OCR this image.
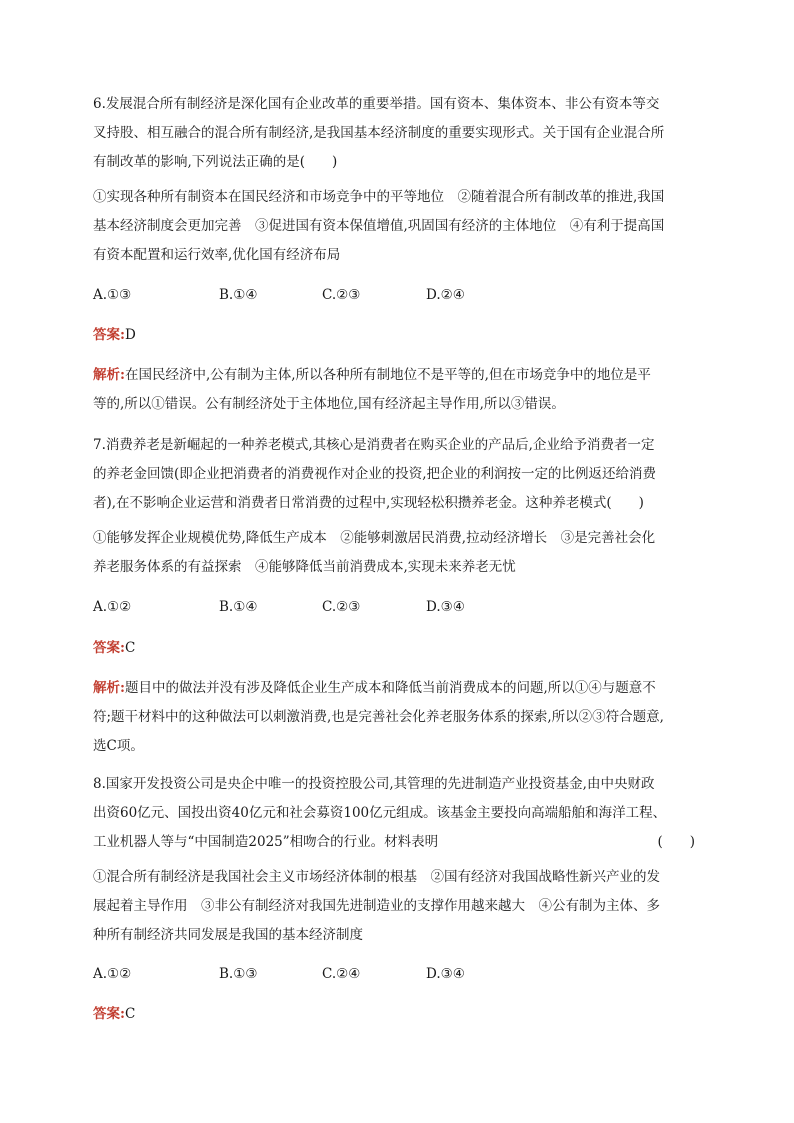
6.发展混合所有制经济是深化国有企业改革的重要举措。国有资本、集体资本、非公有资本等交
叉持股、相互融合的混合所有制经济,是我国基本经济制度的重要实现形式。关于国有企业混合所
有制改革的影响,下列说法正确的是(　　)
①实现各种所有制资本在国民经济和市场竞争中的平等地位　②随着混合所有制改革的推进,我国
基本经济制度会更加完善　③促进国有资本保值增值,巩固国有经济的主体地位　④有利于提高国
有资本配置和运行效率,优化国有经济布局
A.①③	B.①④	C.②③	D.②④
答案:D
解析:在国民经济中,公有制为主体,所以各种所有制地位不是平等的,但在市场竞争中的地位是平
等的,所以①错误。公有制经济处于主体地位,国有经济起主导作用,所以③错误。
7.消费养老是新崛起的一种养老模式,其核心是消费者在购买企业的产品后,企业给予消费者一定
的养老金回馈(即企业把消费者的消费视作对企业的投资,把企业的利润按一定的比例返还给消费
者),在不影响企业运营和消费者日常消费的过程中,实现轻松积攒养老金。这种养老模式(　　)
①能够发挥企业规模优势,降低生产成本　②能够刺激居民消费,拉动经济增长　③是完善社会化
养老服务体系的有益探索　④能够降低当前消费成本,实现未来养老无忧
A.①②	B.①④	C.②③	D.③④
答案:C
解析:题目中的做法并没有涉及降低企业生产成本和降低当前消费成本的问题,所以①④与题意不
符;题干材料中的这种做法可以刺激消费,也是完善社会化养老服务体系的探索,所以②③符合题意,
选C项。
8.国家开发投资公司是央企中唯一的投资控股公司,其管理的先进制造产业投资基金,由中央财政
出资60亿元、国投出资40亿元和社会募资100亿元组成。该基金主要投向高端船舶和海洋工程、
工业机器人等与“中国制造2025”相吻合的行业。材料表明	(　　)
①混合所有制经济是我国社会主义市场经济体制的根基　②国有经济对我国战略性新兴产业的发
展起着主导作用　③非公有制经济对我国先进制造业的支撑作用越来越大　④公有制为主体、多
种所有制经济共同发展是我国的基本经济制度
A.①②	B.①③	C.②④	D.③④
答案:C
